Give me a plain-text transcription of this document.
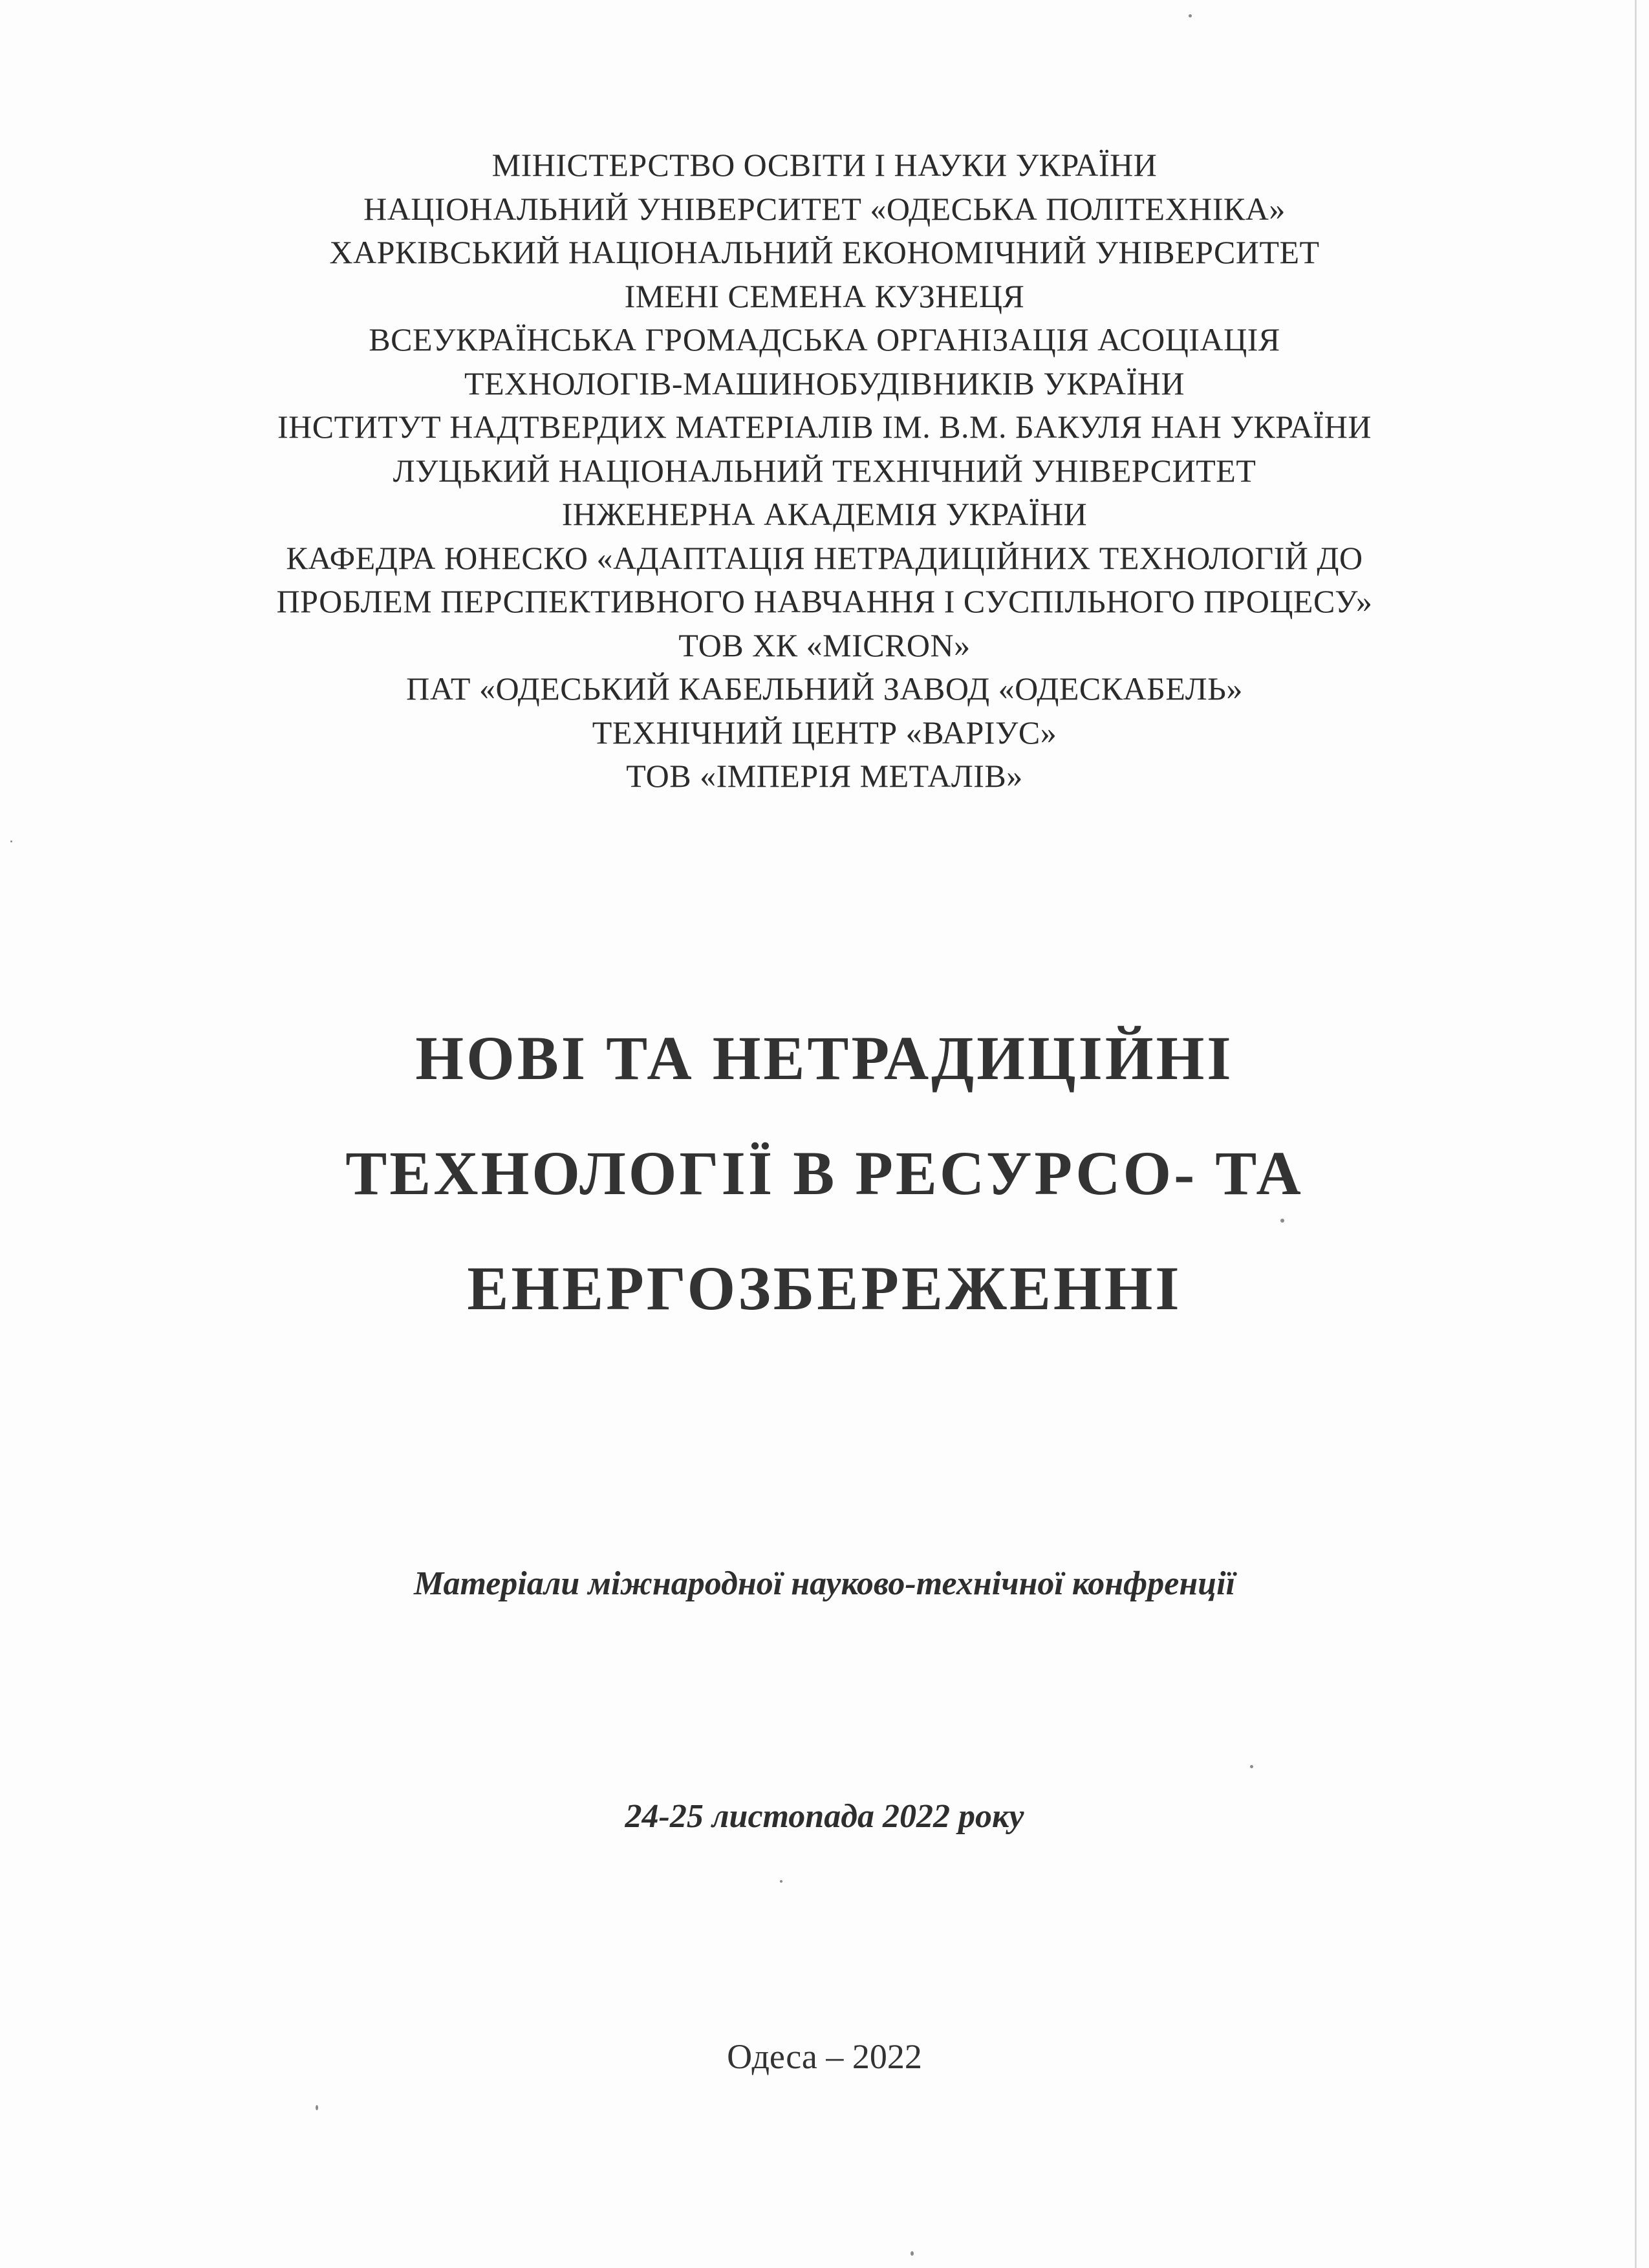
МІНІСТЕРСТВО ОСВІТИ І НАУКИ УКРАЇНИ
НАЦІОНАЛЬНИЙ УНІВЕРСИТЕТ «ОДЕСЬКА ПОЛІТЕХНІКА»
ХАРКІВСЬКИЙ НАЦІОНАЛЬНИЙ ЕКОНОМІЧНИЙ УНІВЕРСИТЕТ
ІМЕНІ СЕМЕНА КУЗНЕЦЯ
ВСЕУКРАЇНСЬКА ГРОМАДСЬКА ОРГАНІЗАЦІЯ АСОЦІАЦІЯ
ТЕХНОЛОГІВ-МАШИНОБУДІВНИКІВ УКРАЇНИ
ІНСТИТУТ НАДТВЕРДИХ МАТЕРІАЛІВ ІМ. В.М. БАКУЛЯ НАН УКРАЇНИ
ЛУЦЬКИЙ НАЦІОНАЛЬНИЙ ТЕХНІЧНИЙ УНІВЕРСИТЕТ
ІНЖЕНЕРНА АКАДЕМІЯ УКРАЇНИ
КАФЕДРА ЮНЕСКО «АДАПТАЦІЯ НЕТРАДИЦІЙНИХ ТЕХНОЛОГІЙ ДО
ПРОБЛЕМ ПЕРСПЕКТИВНОГО НАВЧАННЯ І СУСПІЛЬНОГО ПРОЦЕСУ»
ТОВ ХК «MICRON»
ПАТ «ОДЕСЬКИЙ КАБЕЛЬНИЙ ЗАВОД «ОДЕСКАБЕЛЬ»
ТЕХНІЧНИЙ ЦЕНТР «ВАРІУС»
ТОВ «ІМПЕРІЯ МЕТАЛІВ»
НОВІ ТА НЕТРАДИЦІЙНІ
ТЕХНОЛОГІЇ В РЕСУРСО- ТА
ЕНЕРГОЗБЕРЕЖЕННІ
Матеріали міжнародної науково-технічної конфренції
24-25 листопада 2022 року
Одеса – 2022
